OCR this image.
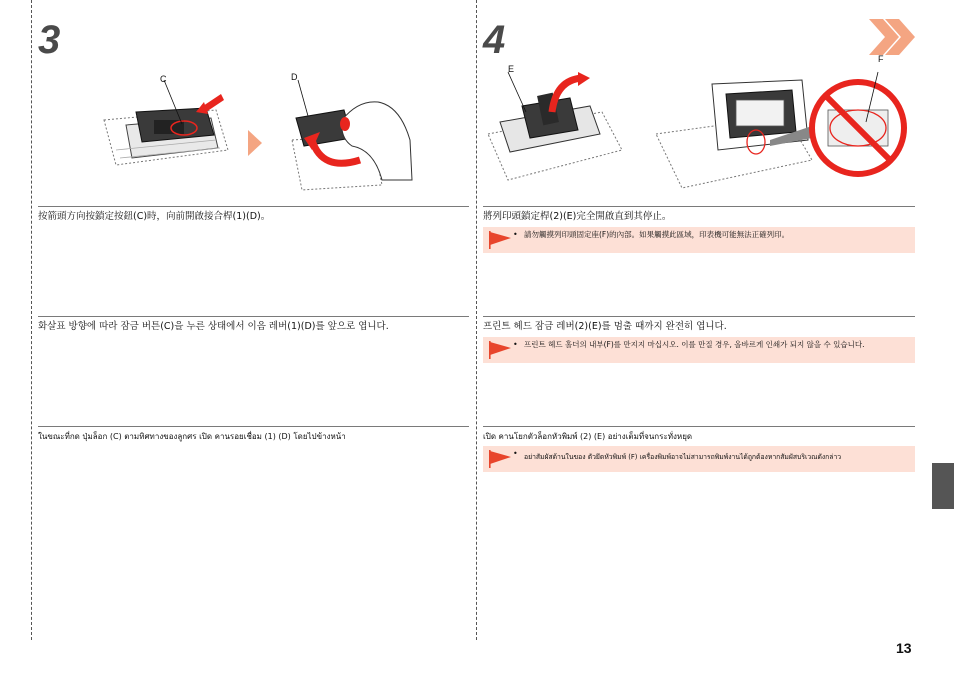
3
C	D
按箭頭方向按鎖定按鈕(C)時，向前開啟接合桿(1)(D)。
화살표 방향에 따라 잠금 버튼(C)을 누른 상태에서 이음 레버(1)(D)를 앞으로 엽니다.
ในขณะที่กด ปุ่มล็อก (C) ตามทิศทางของลูกศร เปิด คานรอยเชื่อม (1) (D) โดยไปข้างหน้า
4
E
F
將列印頭鎖定桿(2)(E)完全開啟直到其停止。
• 請勿觸摸列印頭固定座(F)的內部。如果觸摸此區域，印表機可能無法正確列印。
프린트 헤드 잠금 레버(2)(E)를 멈출 때까지 완전히 엽니다.
• 프린트 헤드 홀더의 내부(F)를 만지지 마십시오. 이를 만질 경우, 올바르게 인쇄가 되지 않을 수 있습니다.
เปิด คานโยกตัวล็อกหัวพิมพ์ (2) (E) อย่างเต็มที่จนกระทั่งหยุด
• อย่าสัมผัสด้านในของ ตัวยึดหัวพิมพ์ (F) เครื่องพิมพ์อาจไม่สามารถพิมพ์งานได้ถูกต้องหากสัมผัสบริเวณดังกล่าว
13
